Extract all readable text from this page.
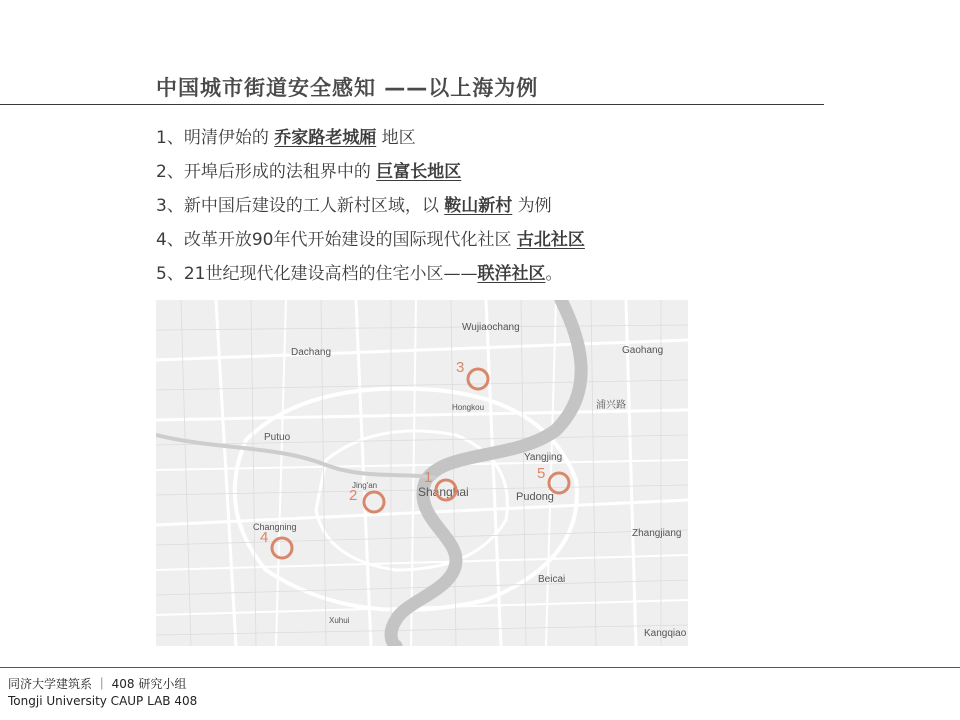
中国城市街道安全感知 ——以上海为例
1、明清伊始的 乔家路老城厢 地区
2、开埠后形成的法租界中的 巨富长地区
3、新中国后建设的工人新村区域，以 鞍山新村 为例
4、改革开放90年代开始建设的国际现代化社区 古北社区
5、21世纪现代化建设高档的住宅小区——联洋社区。
Wujiaochang
Dachang	Gaohang
浦兴路
Hongkou
Putuo
Jing'an	Shanghai
Yangjing
Pudong
Changning
Zhangjiang
Beicai
Xuhui
Kangqiao
1
2
3
4
5
同济大学建筑系 ｜ 408 研究小组
Tongji University CAUP LAB 408
